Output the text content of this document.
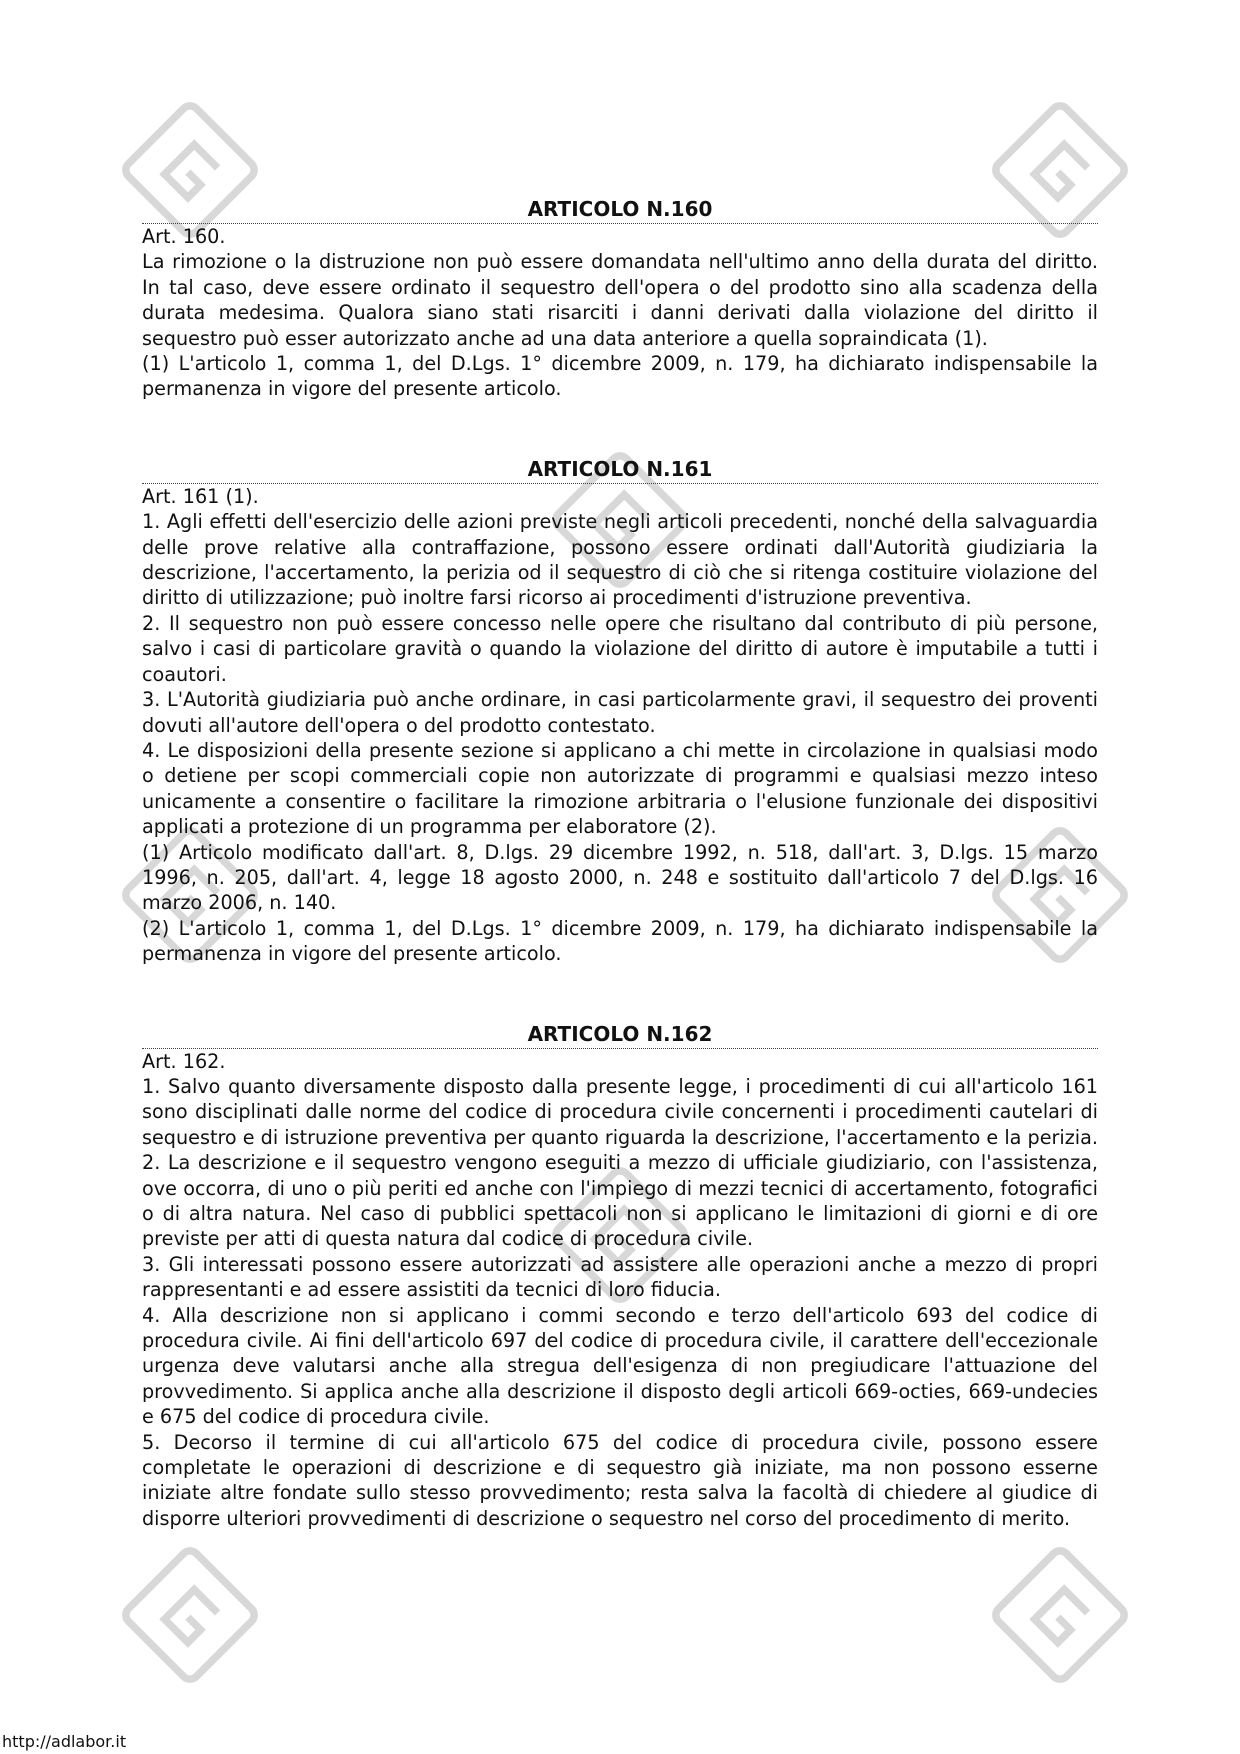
ARTICOLO N.160

Art. 160.

La rimozione o la distruzione non può essere domandata nell'ultimo anno della durata del diritto. In tal caso, deve essere ordinato il sequestro dell'opera o del prodotto sino alla scadenza della durata medesima. Qualora siano stati risarciti i danni derivati dalla violazione del diritto il sequestro può esser autorizzato anche ad una data anteriore a quella sopraindicata (1).

(1) L'articolo 1, comma 1, del D.Lgs. 1° dicembre 2009, n. 179, ha dichiarato indispensabile la permanenza in vigore del presente articolo.

ARTICOLO N.161

Art. 161 (1).

1. Agli effetti dell'esercizio delle azioni previste negli articoli precedenti, nonché della salvaguardia delle prove relative alla contraffazione, possono essere ordinati dall'Autorità giudiziaria la descrizione, l'accertamento, la perizia od il sequestro di ciò che si ritenga costituire violazione del diritto di utilizzazione; può inoltre farsi ricorso ai procedimenti d'istruzione preventiva.

2. Il sequestro non può essere concesso nelle opere che risultano dal contributo di più persone, salvo i casi di particolare gravità o quando la violazione del diritto di autore è imputabile a tutti i coautori.

3. L'Autorità giudiziaria può anche ordinare, in casi particolarmente gravi, il sequestro dei proventi dovuti all'autore dell'opera o del prodotto contestato.

4. Le disposizioni della presente sezione si applicano a chi mette in circolazione in qualsiasi modo o detiene per scopi commerciali copie non autorizzate di programmi e qualsiasi mezzo inteso unicamente a consentire o facilitare la rimozione arbitraria o l'elusione funzionale dei dispositivi applicati a protezione di un programma per elaboratore (2).

(1) Articolo modificato dall'art. 8, D.lgs. 29 dicembre 1992, n. 518, dall'art. 3, D.lgs. 15 marzo 1996, n. 205, dall'art. 4, legge 18 agosto 2000, n. 248 e sostituito dall'articolo 7 del D.lgs. 16 marzo 2006, n. 140.

(2) L'articolo 1, comma 1, del D.Lgs. 1° dicembre 2009, n. 179, ha dichiarato indispensabile la permanenza in vigore del presente articolo.

ARTICOLO N.162

Art. 162.

1. Salvo quanto diversamente disposto dalla presente legge, i procedimenti di cui all'articolo 161 sono disciplinati dalle norme del codice di procedura civile concernenti i procedimenti cautelari di sequestro e di istruzione preventiva per quanto riguarda la descrizione, l'accertamento e la perizia.

2. La descrizione e il sequestro vengono eseguiti a mezzo di ufficiale giudiziario, con l'assistenza, ove occorra, di uno o più periti ed anche con l'impiego di mezzi tecnici di accertamento, fotografici o di altra natura. Nel caso di pubblici spettacoli non si applicano le limitazioni di giorni e di ore previste per atti di questa natura dal codice di procedura civile.

3. Gli interessati possono essere autorizzati ad assistere alle operazioni anche a mezzo di propri rappresentanti e ad essere assistiti da tecnici di loro fiducia.

4. Alla descrizione non si applicano i commi secondo e terzo dell'articolo 693 del codice di procedura civile. Ai fini dell'articolo 697 del codice di procedura civile, il carattere dell'eccezionale urgenza deve valutarsi anche alla stregua dell'esigenza di non pregiudicare l'attuazione del provvedimento. Si applica anche alla descrizione il disposto degli articoli 669-octies, 669-undecies e 675 del codice di procedura civile.

5. Decorso il termine di cui all'articolo 675 del codice di procedura civile, possono essere completate le operazioni di descrizione e di sequestro già iniziate, ma non possono esserne iniziate altre fondate sullo stesso provvedimento; resta salva la facoltà di chiedere al giudice di disporre ulteriori provvedimenti di descrizione o sequestro nel corso del procedimento di merito.

http://adlabor.it
